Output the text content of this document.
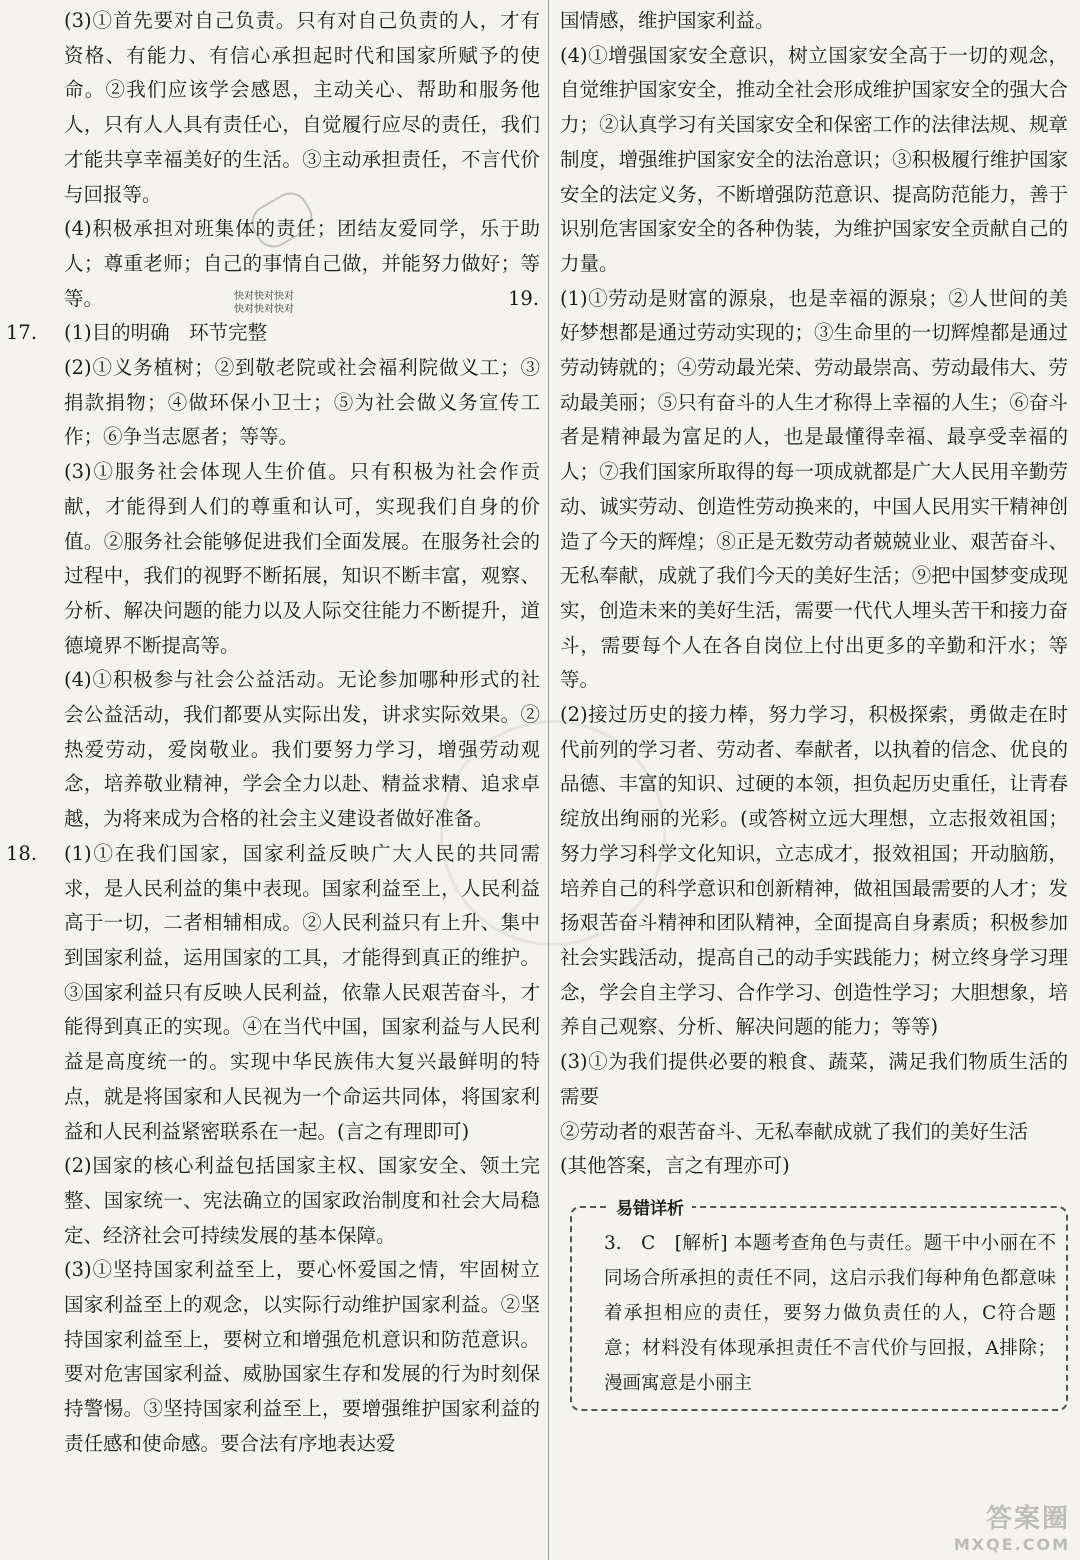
快对快对快对
快对快对快对

(3)①首先要对自己负责。只有对自己负责的人，才有资格、有能力、有信心承担起时代和国家所赋予的使命。②我们应该学会感恩，主动关心、帮助和服务他人，只有人人具有责任心，自觉履行应尽的责任，我们才能共享幸福美好的生活。③主动承担责任，不言代价与回报等。

(4)积极承担对班集体的责任；团结友爱同学，乐于助人；尊重老师；自己的事情自己做，并能努力做好；等等。

17. (1)目的明确　环节完整

(2)①义务植树；②到敬老院或社会福利院做义工；③捐款捐物；④做环保小卫士；⑤为社会做义务宣传工作；⑥争当志愿者；等等。

(3)①服务社会体现人生价值。只有积极为社会作贡献，才能得到人们的尊重和认可，实现我们自身的价值。②服务社会能够促进我们全面发展。在服务社会的过程中，我们的视野不断拓展，知识不断丰富，观察、分析、解决问题的能力以及人际交往能力不断提升，道德境界不断提高等。

(4)①积极参与社会公益活动。无论参加哪种形式的社会公益活动，我们都要从实际出发，讲求实际效果。②热爱劳动，爱岗敬业。我们要努力学习，增强劳动观念，培养敬业精神，学会全力以赴、精益求精、追求卓越，为将来成为合格的社会主义建设者做好准备。

18. (1)①在我们国家，国家利益反映广大人民的共同需求，是人民利益的集中表现。国家利益至上，人民利益高于一切，二者相辅相成。②人民利益只有上升、集中到国家利益，运用国家的工具，才能得到真正的维护。③国家利益只有反映人民利益，依靠人民艰苦奋斗，才能得到真正的实现。④在当代中国，国家利益与人民利益是高度统一的。实现中华民族伟大复兴最鲜明的特点，就是将国家和人民视为一个命运共同体，将国家利益和人民利益紧密联系在一起。(言之有理即可)

(2)国家的核心利益包括国家主权、国家安全、领土完整、国家统一、宪法确立的国家政治制度和社会大局稳定、经济社会可持续发展的基本保障。

(3)①坚持国家利益至上，要心怀爱国之情，牢固树立国家利益至上的观念，以实际行动维护国家利益。②坚持国家利益至上，要树立和增强危机意识和防范意识。要对危害国家利益、威胁国家生存和发展的行为时刻保持警惕。③坚持国家利益至上，要增强维护国家利益的责任感和使命感。要合法有序地表达爱

国情感，维护国家利益。

(4)①增强国家安全意识，树立国家安全高于一切的观念，自觉维护国家安全，推动全社会形成维护国家安全的强大合力；②认真学习有关国家安全和保密工作的法律法规、规章制度，增强维护国家安全的法治意识；③积极履行维护国家安全的法定义务，不断增强防范意识、提高防范能力，善于识别危害国家安全的各种伪装，为维护国家安全贡献自己的力量。

19. (1)①劳动是财富的源泉，也是幸福的源泉；②人世间的美好梦想都是通过劳动实现的；③生命里的一切辉煌都是通过劳动铸就的；④劳动最光荣、劳动最崇高、劳动最伟大、劳动最美丽；⑤只有奋斗的人生才称得上幸福的人生；⑥奋斗者是精神最为富足的人，也是最懂得幸福、最享受幸福的人；⑦我们国家所取得的每一项成就都是广大人民用辛勤劳动、诚实劳动、创造性劳动换来的，中国人民用实干精神创造了今天的辉煌；⑧正是无数劳动者兢兢业业、艰苦奋斗、无私奉献，成就了我们今天的美好生活；⑨把中国梦变成现实，创造未来的美好生活，需要一代代人埋头苦干和接力奋斗，需要每个人在各自岗位上付出更多的辛勤和汗水；等等。

(2)接过历史的接力棒，努力学习，积极探索，勇做走在时代前列的学习者、劳动者、奉献者，以执着的信念、优良的品德、丰富的知识、过硬的本领，担负起历史重任，让青春绽放出绚丽的光彩。(或答树立远大理想，立志报效祖国；努力学习科学文化知识，立志成才，报效祖国；开动脑筋，培养自己的科学意识和创新精神，做祖国最需要的人才；发扬艰苦奋斗精神和团队精神，全面提高自身素质；积极参加社会实践活动，提高自己的动手实践能力；树立终身学习理念，学会自主学习、合作学习、创造性学习；大胆想象，培养自己观察、分析、解决问题的能力；等等)

(3)①为我们提供必要的粮食、蔬菜，满足我们物质生活的需要

②劳动者的艰苦奋斗、无私奉献成就了我们的美好生活

(其他答案，言之有理亦可)

易错详析

3.　C　[解析] 本题考查角色与责任。题干中小丽在不同场合所承担的责任不同，这启示我们每种角色都意味着承担相应的责任，要努力做负责任的人，C符合题意；材料没有体现承担责任不言代价与回报，A排除；漫画寓意是小丽主

答案圈
MXQE.COM
